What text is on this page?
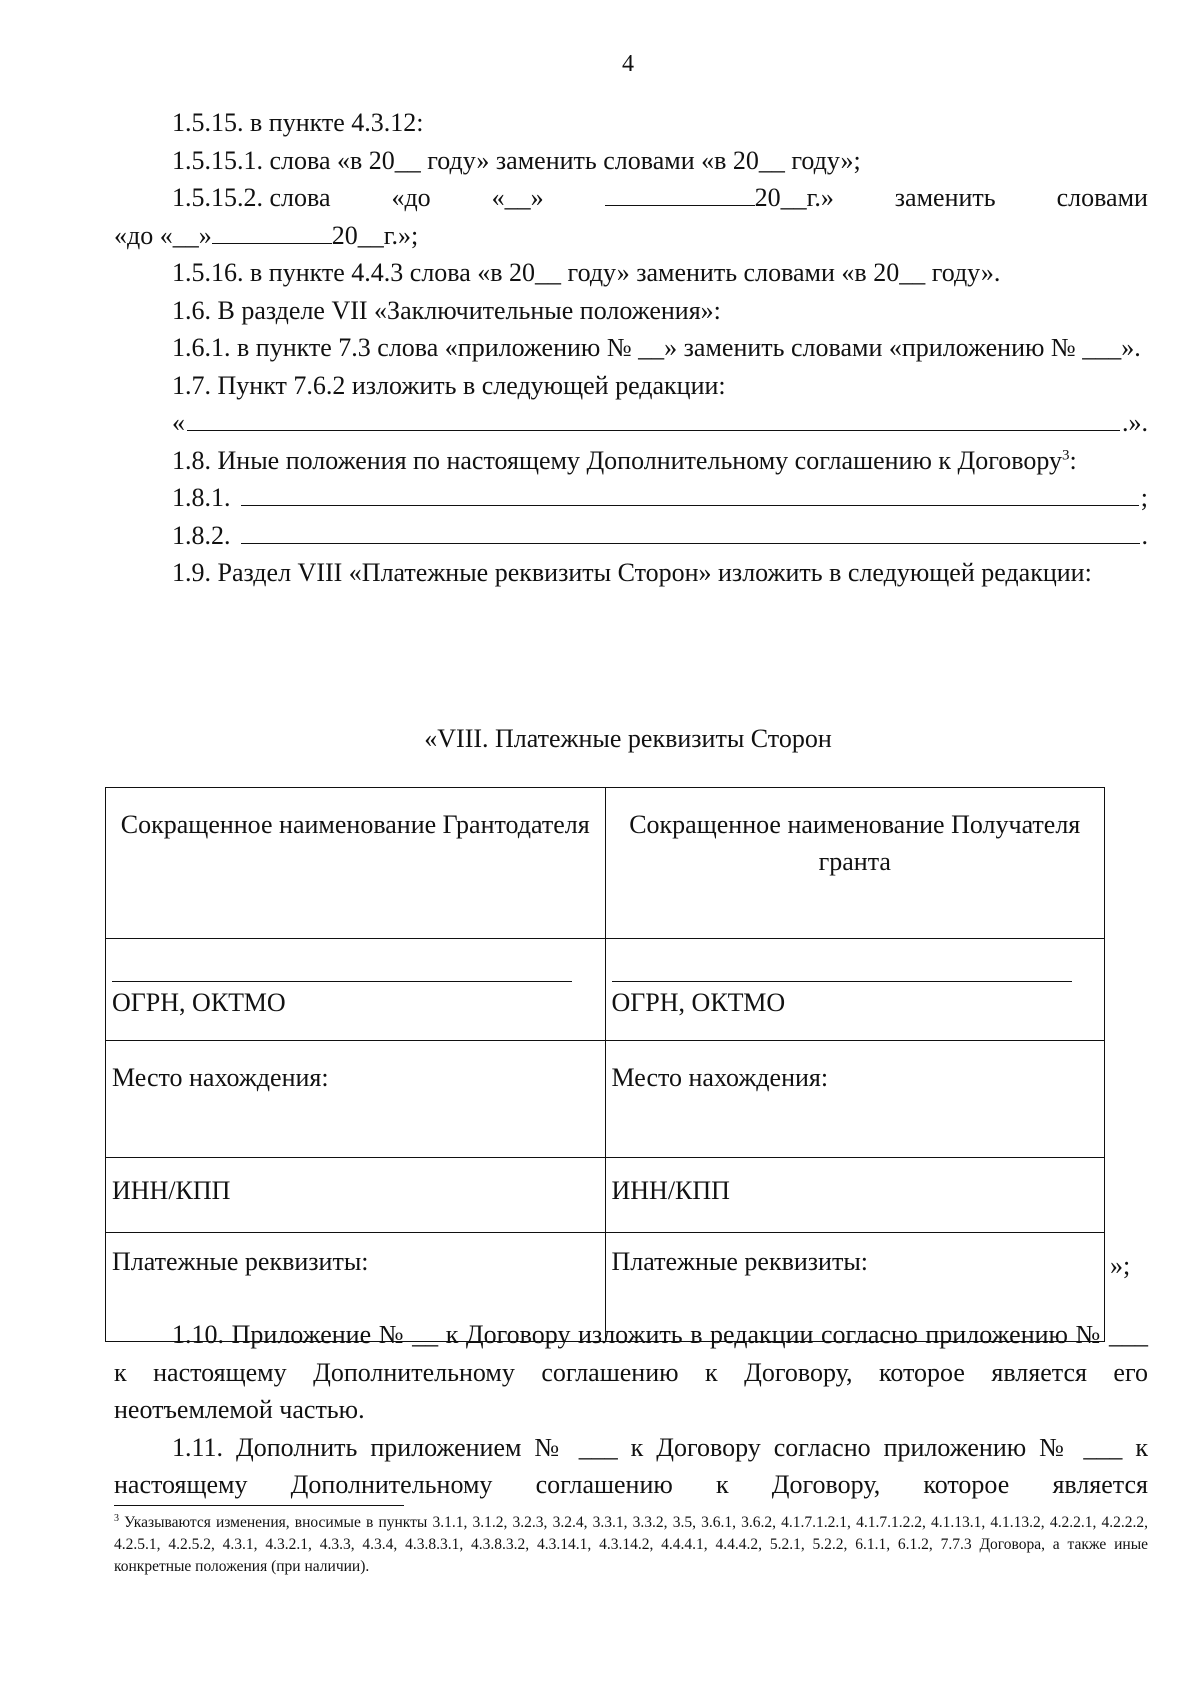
4

1.5.15. в пункте 4.3.12:

1.5.15.1. слова «в 20__ году» заменить словами «в 20__ году»;

1.5.15.2. слова «до «__»	20__г.» заменить словами
«до «__»	20__г.»;

1.5.16. в пункте 4.4.3 слова «в 20__ году» заменить словами «в 20__ году».

1.6. В разделе VII «Заключительные положения»:

1.6.1. в пункте 7.3 слова «приложению № __» заменить словами «приложению № ___».

1.7. Пункт 7.6.2 изложить в следующей редакции:

«	.».

1.8. Иные положения по настоящему Дополнительному соглашению к Договору$^3$:

1.8.1.	;
1.8.2.	.

1.9. Раздел VIII «Платежные реквизиты Сторон» изложить в следующей редакции:

«VIII. Платежные реквизиты Сторон
Сокращенное наименование Грантодателя	Сокращенное наименование Получателя гранта

ОГРН, ОКТМО	ОГРН, ОКТМО

Место нахождения:	Место нахождения:
ИНН/КПП	ИНН/КПП
Платежные реквизиты:	Платежные реквизиты:	»;

1.10. Приложение № __ к Договору изложить в редакции согласно приложению № ___ к настоящему Дополнительному соглашению к Договору, которое является его неотъемлемой частью.

1.11. Дополнить приложением № ___ к Договору согласно приложению № ___ к настоящему Дополнительному соглашению к Договору, которое является

$^3$ Указываются изменения, вносимые в пункты 3.1.1, 3.1.2, 3.2.3, 3.2.4, 3.3.1, 3.3.2, 3.5, 3.6.1, 3.6.2, 4.1.7.1.2.1, 4.1.7.1.2.2, 4.1.13.1, 4.1.13.2, 4.2.2.1, 4.2.2.2, 4.2.5.1, 4.2.5.2, 4.3.1, 4.3.2.1, 4.3.3, 4.3.4, 4.3.8.3.1, 4.3.8.3.2, 4.3.14.1, 4.3.14.2, 4.4.4.1, 4.4.4.2, 5.2.1, 5.2.2, 6.1.1, 6.1.2, 7.7.3 Договора, а также иные конкретные положения (при наличии).
